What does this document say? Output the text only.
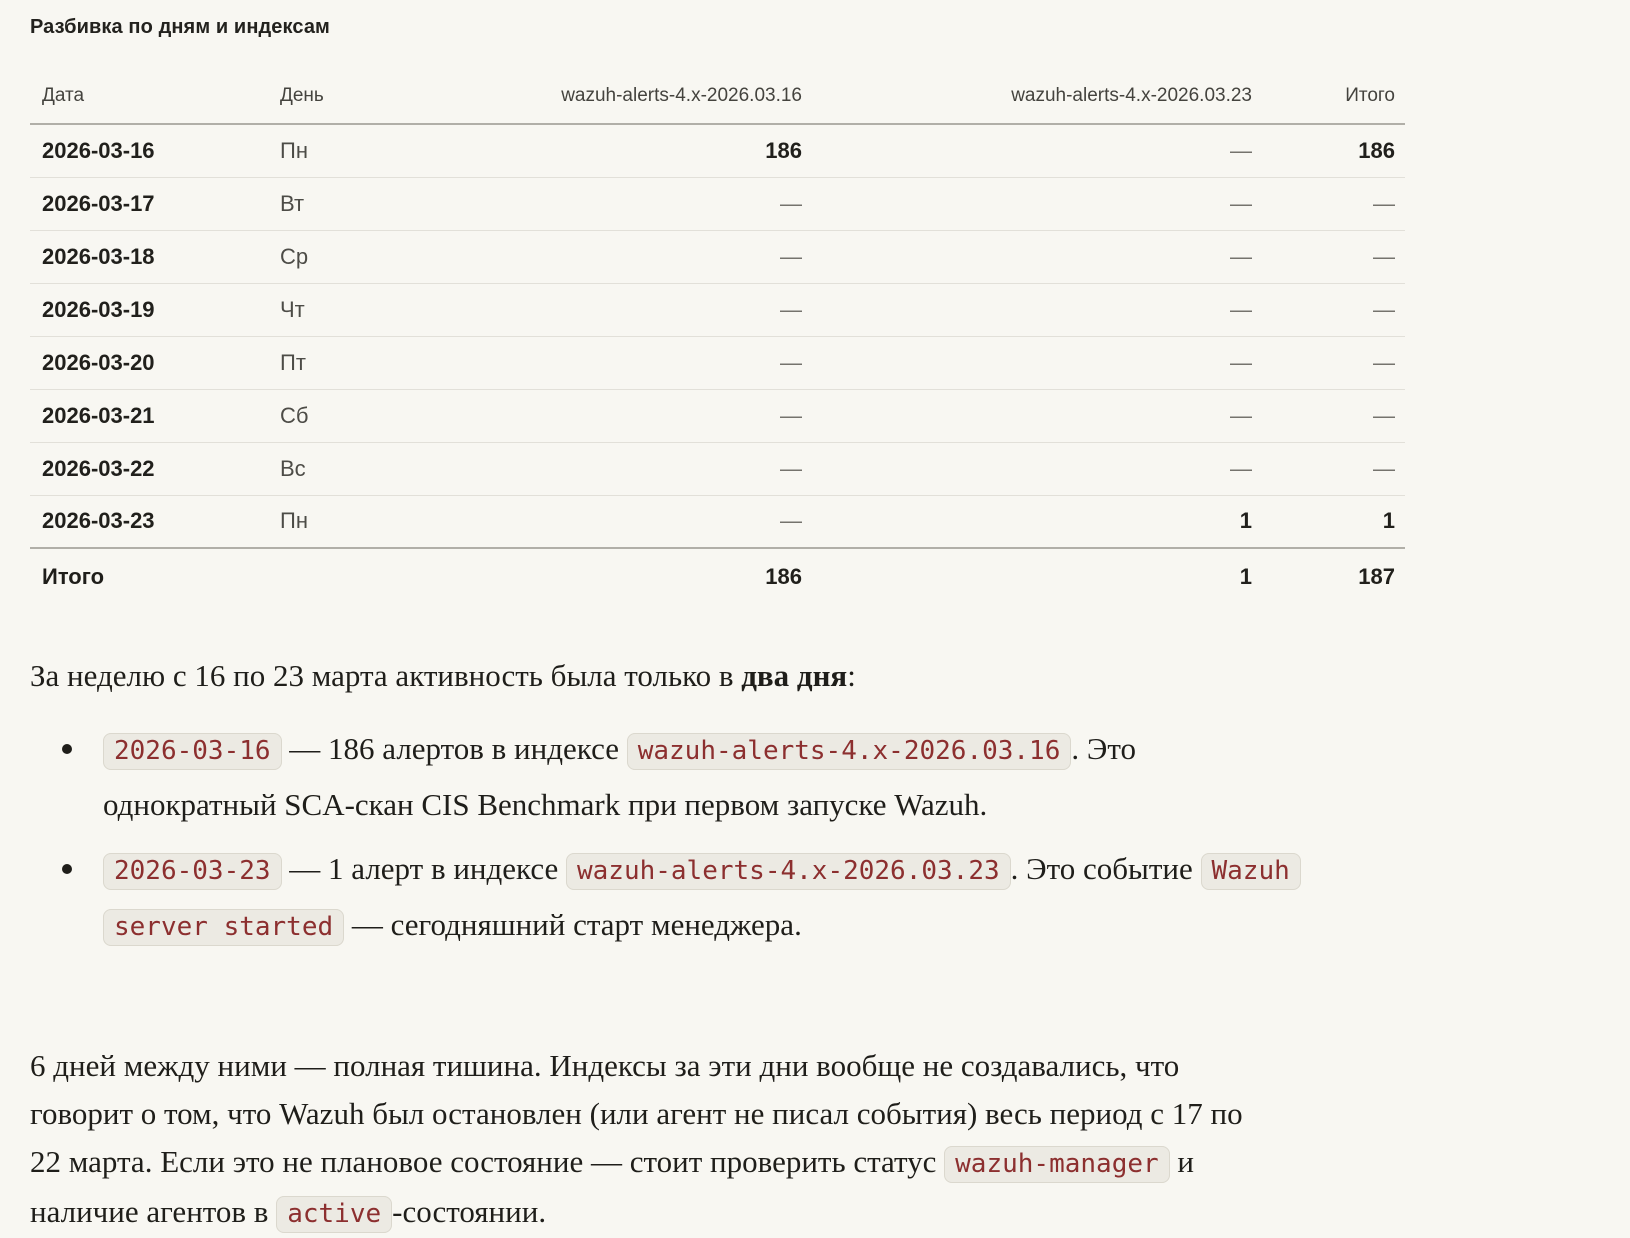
Разбивка по дням и индексам
Дата	День	wazuh-alerts-4.x-2026.03.16	wazuh-alerts-4.x-2026.03.23	Итого
2026-03-16	Пн	186	—	186
2026-03-17	Вт	—	—	—
2026-03-18	Ср	—	—	—
2026-03-19	Чт	—	—	—
2026-03-20	Пт	—	—	—
2026-03-21	Сб	—	—	—
2026-03-22	Вс	—	—	—
2026-03-23	Пн	—	1	1
Итого		186	1	187

За неделю с 16 по 23 марта активность была только в два дня:

2026-03-16 — 186 алертов в индексе wazuh-alerts-4.x-2026.03.16 . Это
однократный SCA-скан CIS Benchmark при первом запуске Wazuh.
2026-03-23 — 1 алерт в индексе wazuh-alerts-4.x-2026.03.23 . Это событие Wazuh
server started — сегодняшний старт менеджера.

6 дней между ними — полная тишина. Индексы за эти дни вообще не создавались, что
говорит о том, что Wazuh был остановлен (или агент не писал события) весь период с 17 по
22 марта. Если это не плановое состояние — стоит проверить статус wazuh-manager и
наличие агентов в active -состоянии.
